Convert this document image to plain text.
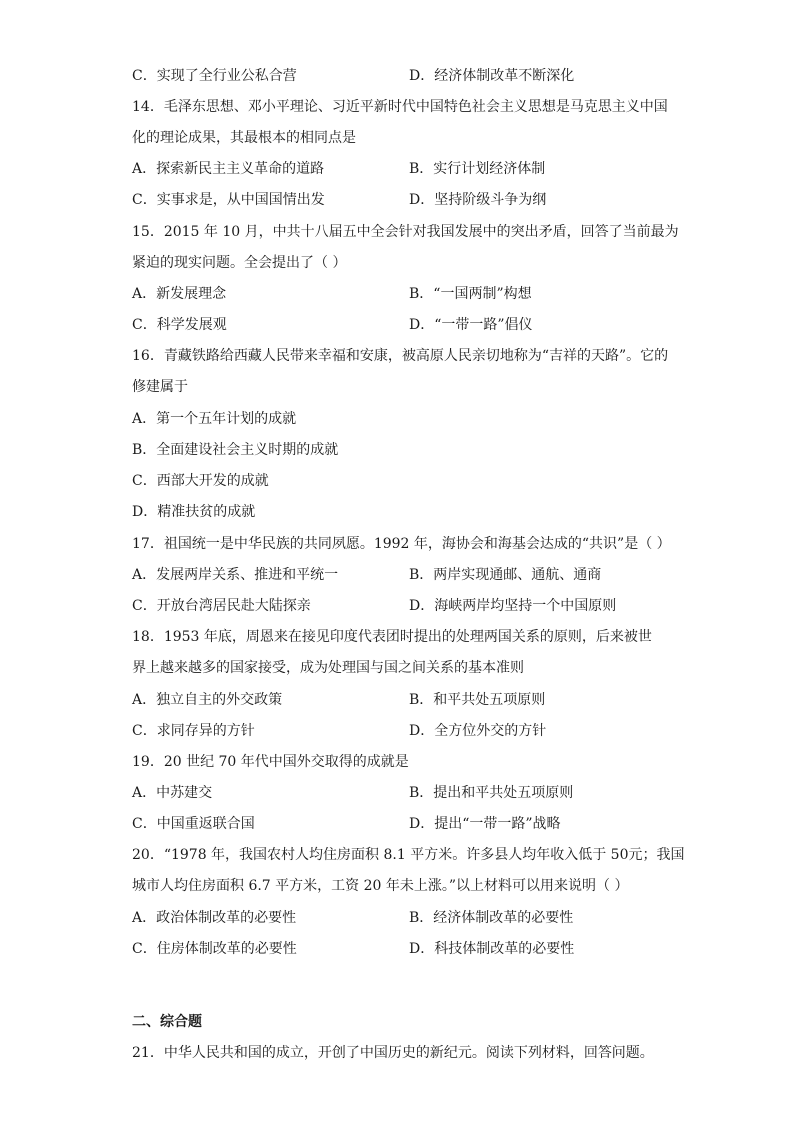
C．实现了全行业公私合营	D．经济体制改革不断深化
14．毛泽东思想、邓小平理论、习近平新时代中国特色社会主义思想是马克思主义中国
化的理论成果，其最根本的相同点是
A．探索新民主主义革命的道路	B．实行计划经济体制
C．实事求是，从中国国情出发	D．坚持阶级斗争为纲
15．2015 年 10 月，中共十八届五中全会针对我国发展中的突出矛盾，回答了当前最为
紧迫的现实问题。全会提出了（ ）
A．新发展理念	B．“一国两制”构想
C．科学发展观	D．“一带一路”倡仪
16．青藏铁路给西藏人民带来幸福和安康，被高原人民亲切地称为“吉祥的天路”。它的
修建属于
A．第一个五年计划的成就
B．全面建设社会主义时期的成就
C．西部大开发的成就
D．精准扶贫的成就
17．祖国统一是中华民族的共同夙愿。1992 年，海协会和海基会达成的“共识”是（ ）
A．发展两岸关系、推进和平统一	B．两岸实现通邮、通航、通商
C．开放台湾居民赴大陆探亲	D．海峡两岸均坚持一个中国原则
18．1953 年底，周恩来在接见印度代表团时提出的处理两国关系的原则，后来被世
界上越来越多的国家接受，成为处理国与国之间关系的基本准则
A．独立自主的外交政策	B．和平共处五项原则
C．求同存异的方针	D．全方位外交的方针
19．20 世纪 70 年代中国外交取得的成就是
A．中苏建交	B．提出和平共处五项原则
C．中国重返联合国	D．提出“一带一路”战略
20．“1978 年，我国农村人均住房面积 8.1 平方米。许多县人均年收入低于 50元；我国
城市人均住房面积 6.7 平方米，工资 20 年未上涨。”以上材料可以用来说明（ ）
A．政治体制改革的必要性	B．经济体制改革的必要性
C．住房体制改革的必要性	D．科技体制改革的必要性
二、综合题
21．中华人民共和国的成立，开创了中国历史的新纪元。阅读下列材料，回答问题。
